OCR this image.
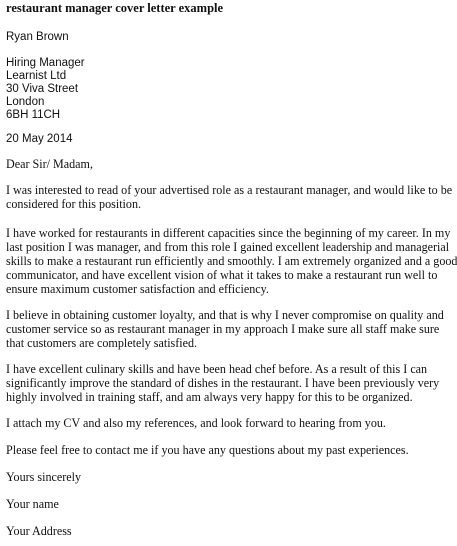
restaurant manager cover letter example

Ryan Brown

Hiring Manager

Learnist Ltd

30 Viva Street

London

6BH 11CH

20 May 2014

Dear Sir/ Madam,

I was interested to read of your advertised role as a restaurant manager, and would like to be considered for this position.

I have worked for restaurants in different capacities since the beginning of my career. In my last position I was manager, and from this role I gained excellent leadership and managerial skills to make a restaurant run efficiently and smoothly. I am extremely organized and a good communicator, and have excellent vision of what it takes to make a restaurant run well to ensure maximum customer satisfaction and efficiency.

I believe in obtaining customer loyalty, and that is why I never compromise on quality and customer service so as restaurant manager in my approach I make sure all staff make sure that customers are completely satisfied.

I have excellent culinary skills and have been head chef before. As a result of this I can significantly improve the standard of dishes in the restaurant. I have been previously very highly involved in training staff, and am always very happy for this to be organized.

I attach my CV and also my references, and look forward to hearing from you.

Please feel free to contact me if you have any questions about my past experiences.

Yours sincerely

Your name

Your Address
